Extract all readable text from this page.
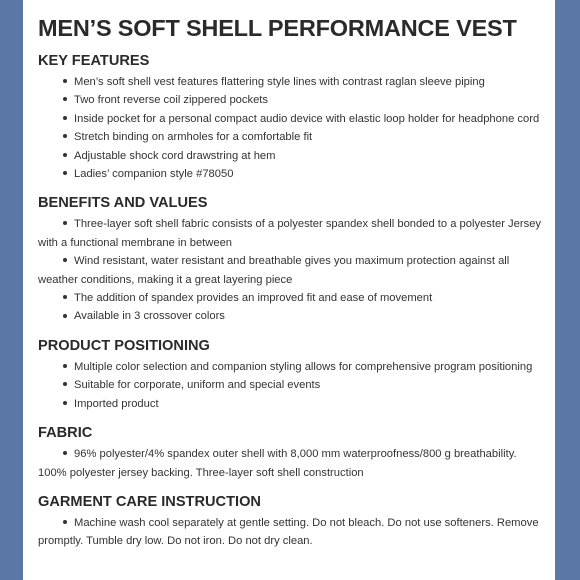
MEN’S SOFT SHELL PERFORMANCE VEST
KEY FEATURES
Men’s soft shell vest features flattering style lines with contrast raglan sleeve piping
Two front reverse coil zippered pockets
Inside pocket for a personal compact audio device with elastic loop holder for headphone cord
Stretch binding on armholes for a comfortable fit
Adjustable shock cord drawstring at hem
Ladies’ companion style #78050
BENEFITS AND VALUES
Three-layer soft shell fabric consists of a polyester spandex shell bonded to a polyester Jersey with a functional membrane in between
Wind resistant, water resistant and breathable gives you maximum protection against all weather conditions, making it a great layering piece
The addition of spandex provides an improved fit and ease of movement
Available in 3 crossover colors
PRODUCT POSITIONING
Multiple color selection and companion styling allows for comprehensive program positioning
Suitable for corporate, uniform and special events
Imported product
FABRIC
96% polyester/4% spandex outer shell with 8,000 mm waterproofness/800 g breathability. 100% polyester jersey backing. Three-layer soft shell construction
GARMENT CARE INSTRUCTION
Machine wash cool separately at gentle setting. Do not bleach. Do not use softeners. Remove promptly. Tumble dry low. Do not iron. Do not dry clean.
